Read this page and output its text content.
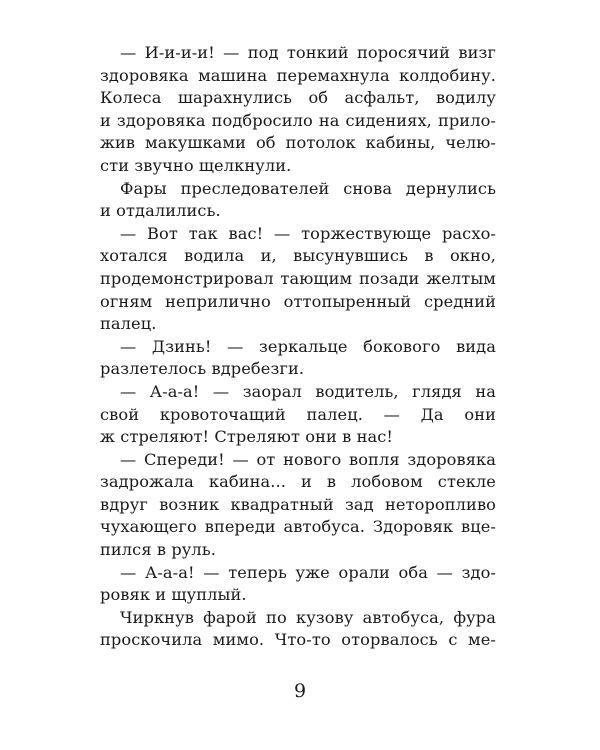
— И-и-и-и! — под тонкий поросячий визг
здоровяка машина перемахнула колдобину.
Колеса шарахнулись об асфальт, водилу
и здоровяка подбросило на сидениях, прило-
жив макушками об потолок кабины, челю-
сти звучно щелкнули.
Фары преследователей снова дернулись
и отдалились.
— Вот так вас! — торжествующе расхо-
хотался водила и, высунувшись в окно,
продемонстрировал тающим позади желтым
огням неприлично оттопыренный средний
палец.
— Дзинь! — зеркальце бокового вида
разлетелось вдребезги.
— А-а-а! — заорал водитель, глядя на
свой кровоточащий палец. — Да они
ж стреляют! Стреляют они в нас!
— Спереди! — от нового вопля здоровяка
задрожала кабина... и в лобовом стекле
вдруг возник квадратный зад неторопливо
чухающего впереди автобуса. Здоровяк вце-
пился в руль.
— А-а-а! — теперь уже орали оба — здо-
ровяк и щуплый.
Чиркнув фарой по кузову автобуса, фура
проскочила мимо. Что-то оторвалось с ме-
9
